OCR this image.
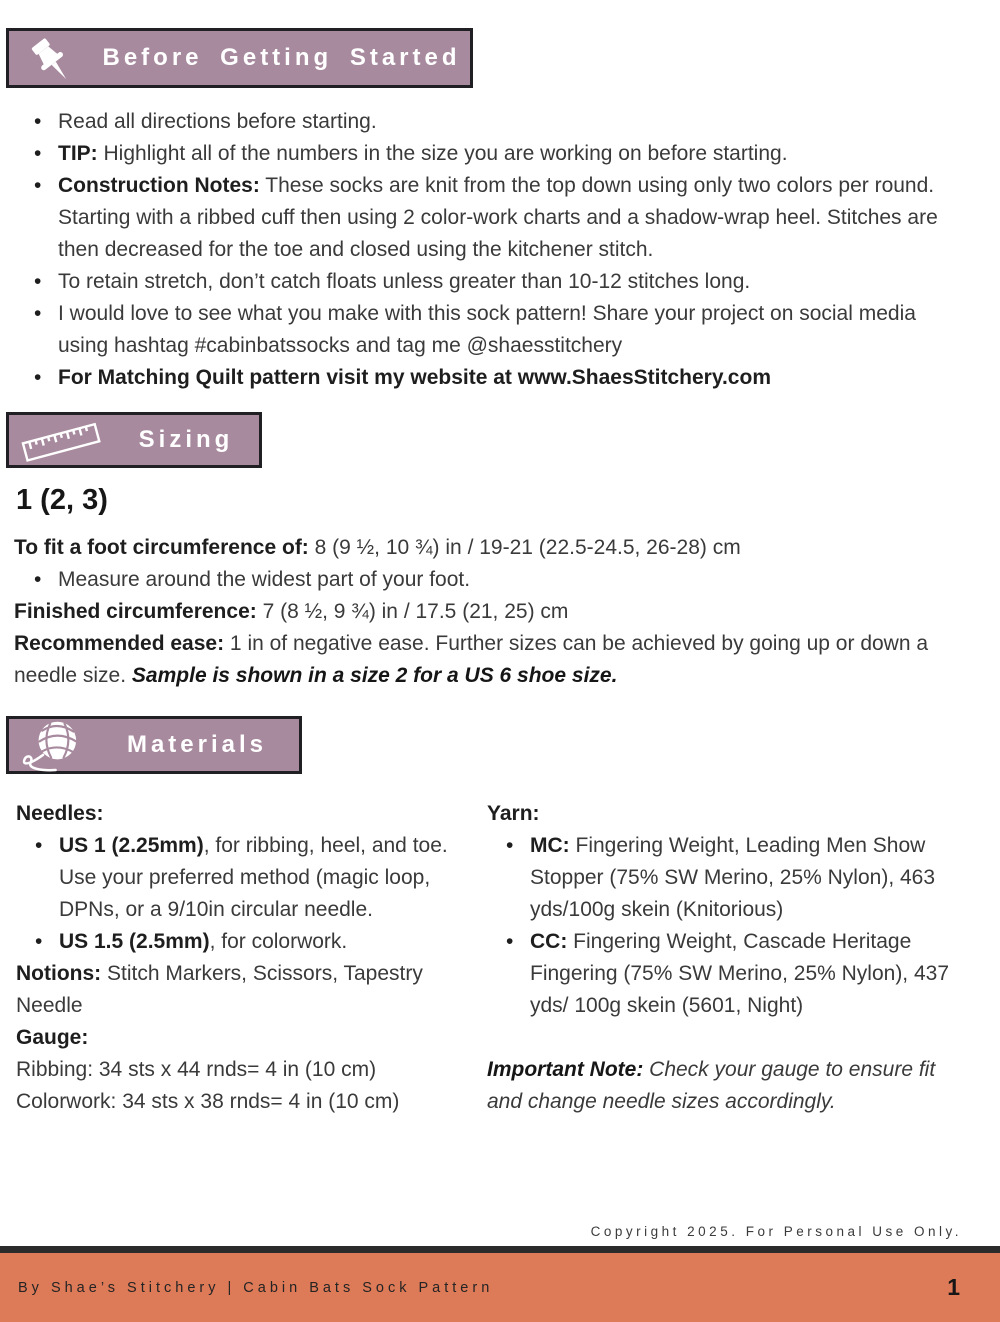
Before Getting Started
• Read all directions before starting.
• TIP: Highlight all of the numbers in the size you are working on before starting.
• Construction Notes: These socks are knit from the top down using only two colors per round. Starting with a ribbed cuff then using 2 color-work charts and a shadow-wrap heel. Stitches are then decreased for the toe and closed using the kitchener stitch.
• To retain stretch, don’t catch floats unless greater than 10-12 stitches long.
• I would love to see what you make with this sock pattern! Share your project on social media using hashtag #cabinbatssocks and tag me @shaesstitchery
• For Matching Quilt pattern visit my website at www.ShaesStitchery.com
Sizing
1 (2, 3)

To fit a foot circumference of: 8 (9 ½, 10 ¾) in / 19-21 (22.5-24.5, 26-28) cm

• Measure around the widest part of your foot.

Finished circumference: 7 (8 ½, 9 ¾) in / 17.5 (21, 25) cm

Recommended ease: 1 in of negative ease. Further sizes can be achieved by going up or down a needle size. Sample is shown in a size 2 for a US 6 shoe size.

Materials
Needles:
• US 1 (2.25mm), for ribbing, heel, and toe. Use your preferred method (magic loop, DPNs, or a 9/10in circular needle.
• US 1.5 (2.5mm), for colorwork.

Notions: Stitch Markers, Scissors, Tapestry Needle

Gauge:

Ribbing: 34 sts x 44 rnds= 4 in (10 cm)

Colorwork: 34 sts x 38 rnds= 4 in (10 cm)

Yarn:
• MC: Fingering Weight, Leading Men Show Stopper (75% SW Merino, 25% Nylon), 463 yds/100g skein (Knitorious)
• CC: Fingering Weight, Cascade Heritage Fingering (75% SW Merino, 25% Nylon), 437 yds/ 100g skein (5601, Night)

Important Note: Check your gauge to ensure fit and change needle sizes accordingly.

Copyright 2025. For Personal Use Only.
By Shae’s Stitchery | Cabin Bats Sock Pattern	1
